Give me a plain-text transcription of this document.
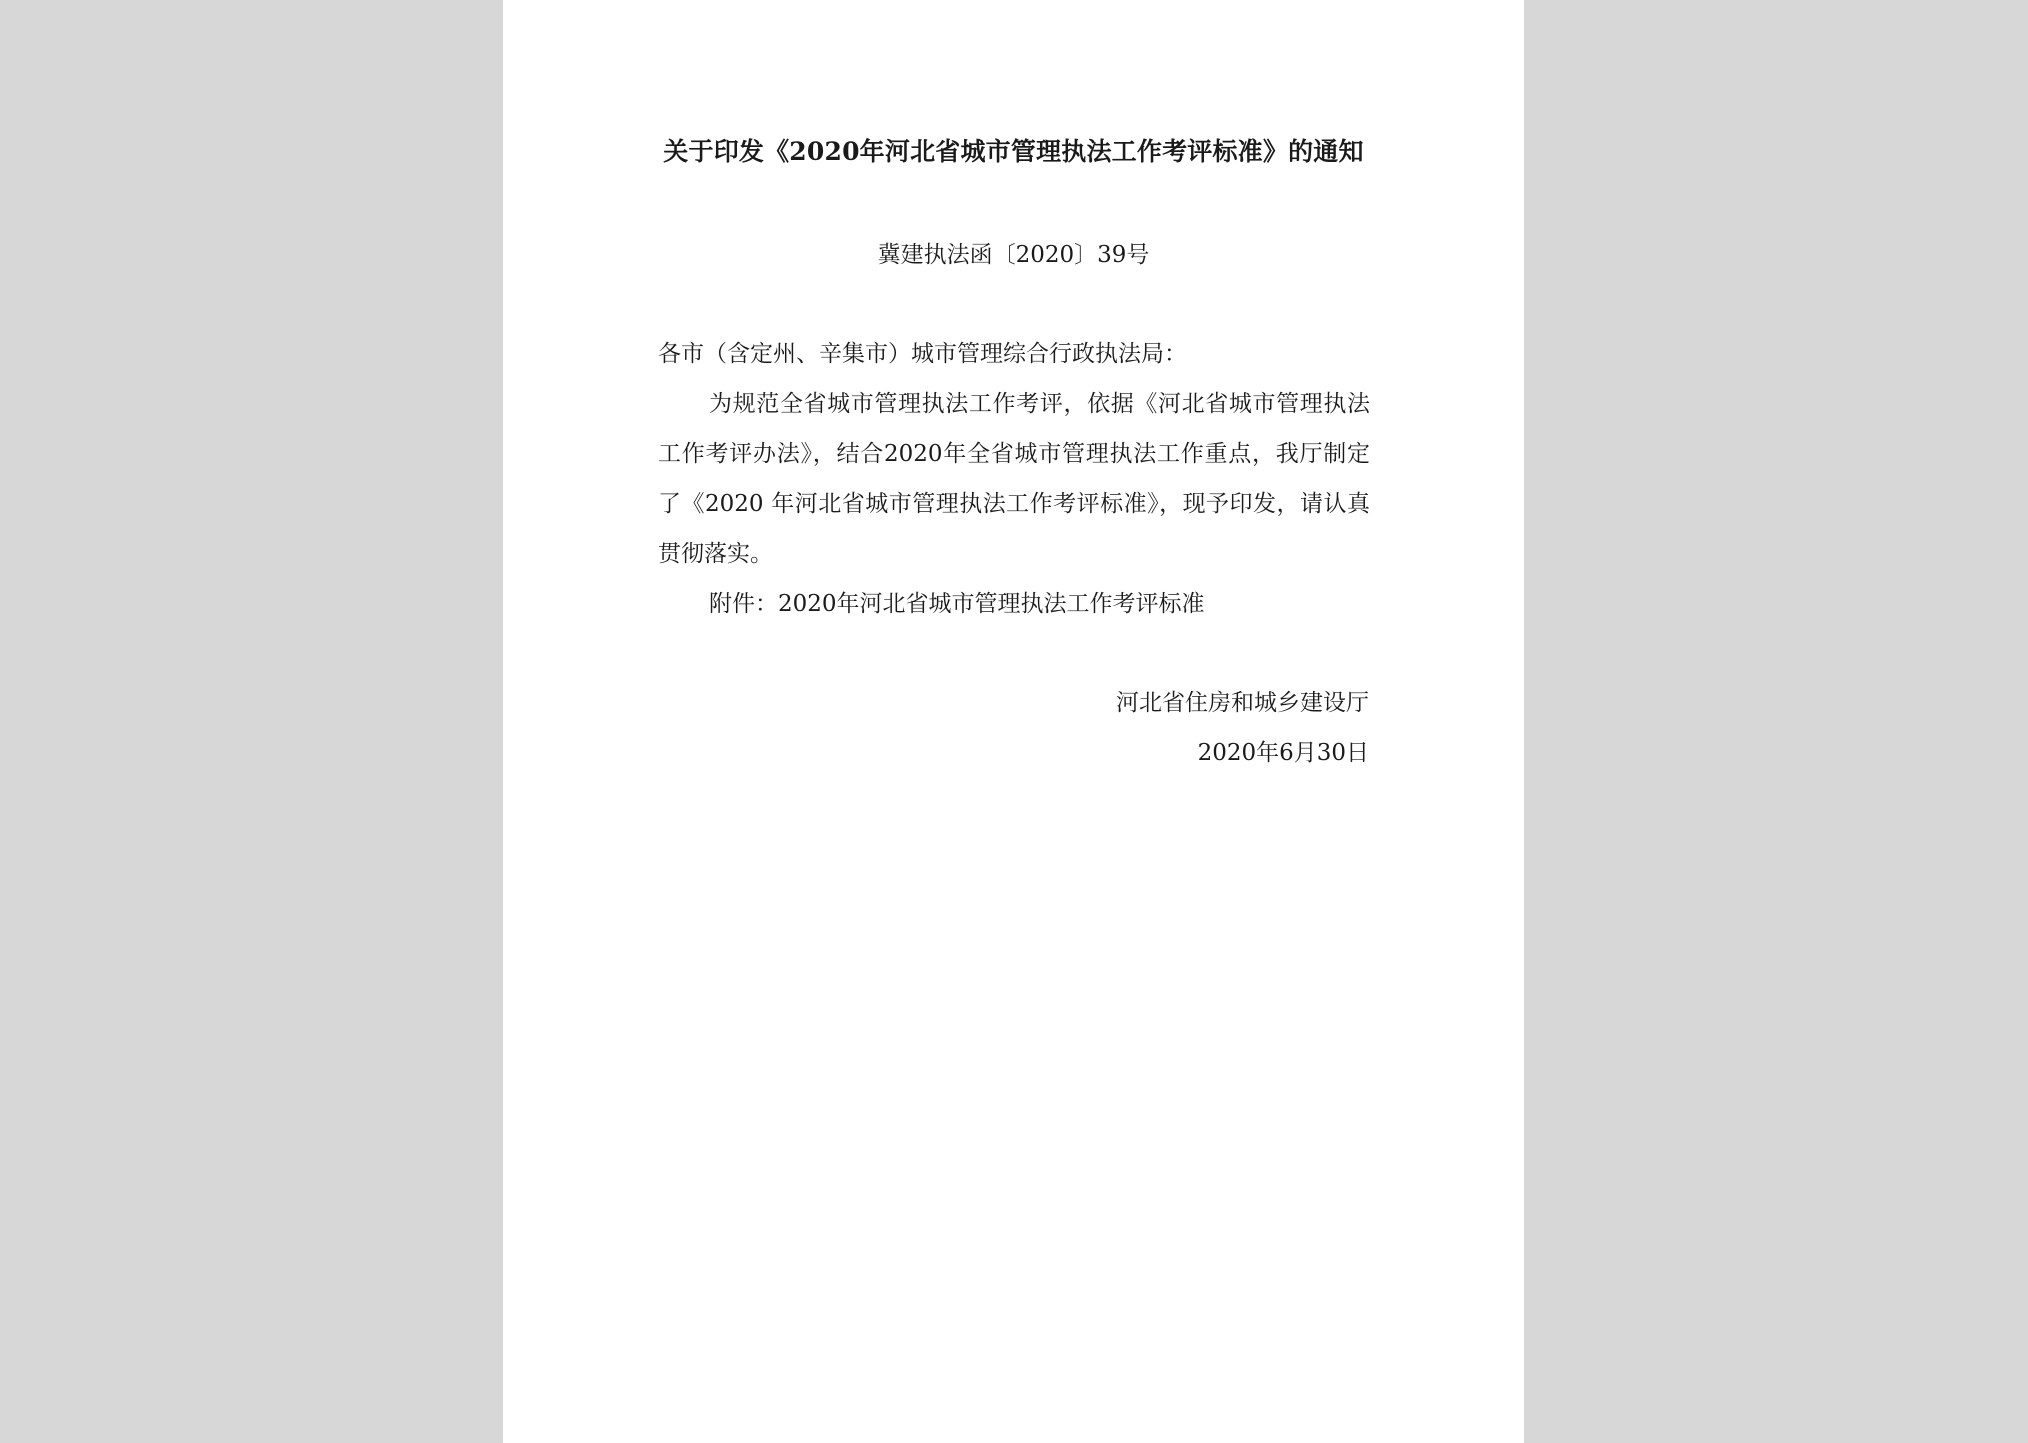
关于印发《2020年河北省城市管理执法工作考评标准》的通知
冀建执法函〔2020〕39号
各市（含定州、辛集市）城市管理综合行政执法局：
为规范全省城市管理执法工作考评，依据《河北省城市管理执法工作考评办法》，结合2020年全省城市管理执法工作重点，我厅制定了《2020 年河北省城市管理执法工作考评标准》，现予印发，请认真贯彻落实。
附件：2020年河北省城市管理执法工作考评标准
河北省住房和城乡建设厅
2020年6月30日
